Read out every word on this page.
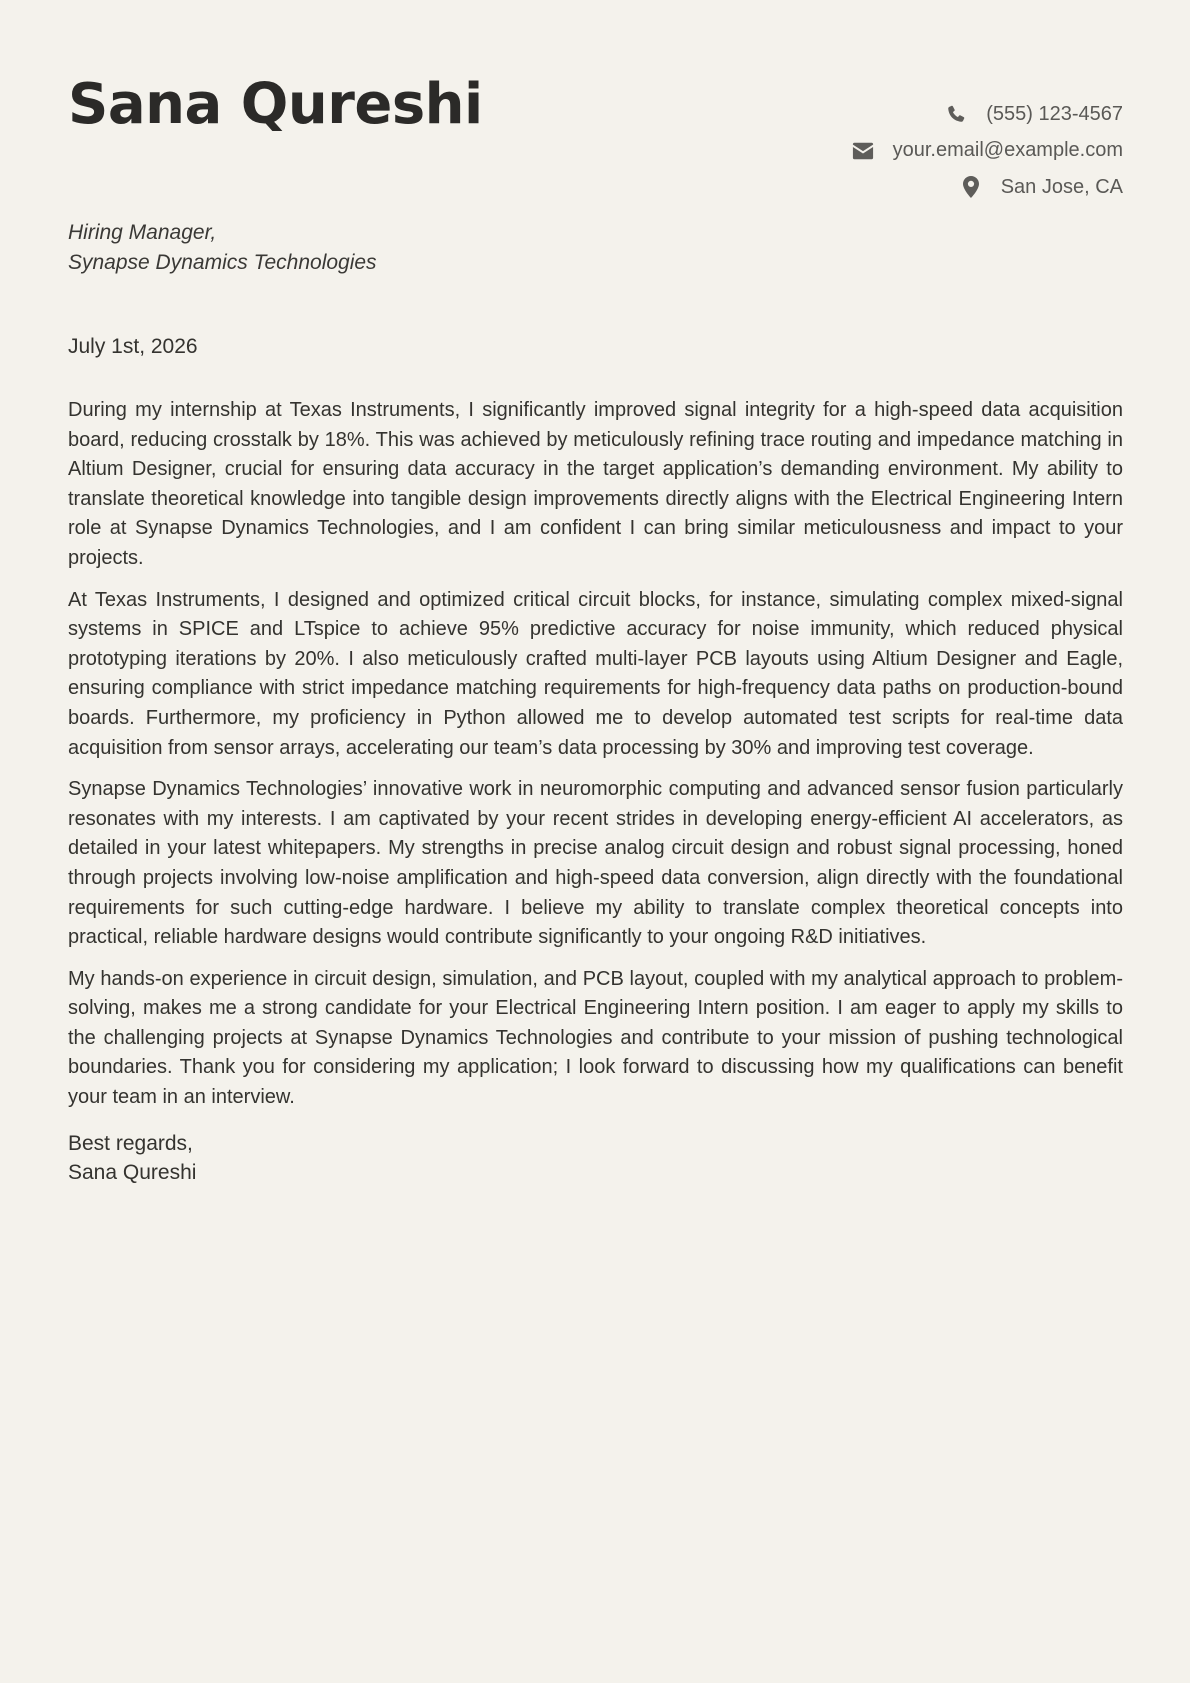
Sana Qureshi	(555) 123-4567
your.email@example.com
San Jose, CA
Hiring Manager,
Synapse Dynamics Technologies
July 1st, 2026

During my internship at Texas Instruments, I significantly improved signal integrity for a high-speed data acquisition board, reducing crosstalk by 18%. This was achieved by meticulously refining trace routing and impedance matching in Altium Designer, crucial for ensuring data accuracy in the target application’s demanding environment. My ability to translate theoretical knowledge into tangible design improvements directly aligns with the Electrical Engineering Intern role at Synapse Dynamics Technologies, and I am confident I can bring similar meticulousness and impact to your projects.

At Texas Instruments, I designed and optimized critical circuit blocks, for instance, simulating complex mixed-signal systems in SPICE and LTspice to achieve 95% predictive accuracy for noise immunity, which reduced physical prototyping iterations by 20%. I also meticulously crafted multi-layer PCB layouts using Altium Designer and Eagle, ensuring compliance with strict impedance matching requirements for high-frequency data paths on production-bound boards. Furthermore, my proficiency in Python allowed me to develop automated test scripts for real-time data acquisition from sensor arrays, accelerating our team’s data processing by 30% and improving test coverage.

Synapse Dynamics Technologies’ innovative work in neuromorphic computing and advanced sensor fusion particularly resonates with my interests. I am captivated by your recent strides in developing energy-efficient AI accelerators, as detailed in your latest whitepapers. My strengths in precise analog circuit design and robust signal processing, honed through projects involving low-noise amplification and high-speed data conversion, align directly with the foundational requirements for such cutting-edge hardware. I believe my ability to translate complex theoretical concepts into practical, reliable hardware designs would contribute significantly to your ongoing R&D initiatives.

My hands-on experience in circuit design, simulation, and PCB layout, coupled with my analytical approach to problem-solving, makes me a strong candidate for your Electrical Engineering Intern position. I am eager to apply my skills to the challenging projects at Synapse Dynamics Technologies and contribute to your mission of pushing technological boundaries. Thank you for considering my application; I look forward to discussing how my qualifications can benefit your team in an interview.

Best regards,
Sana Qureshi
